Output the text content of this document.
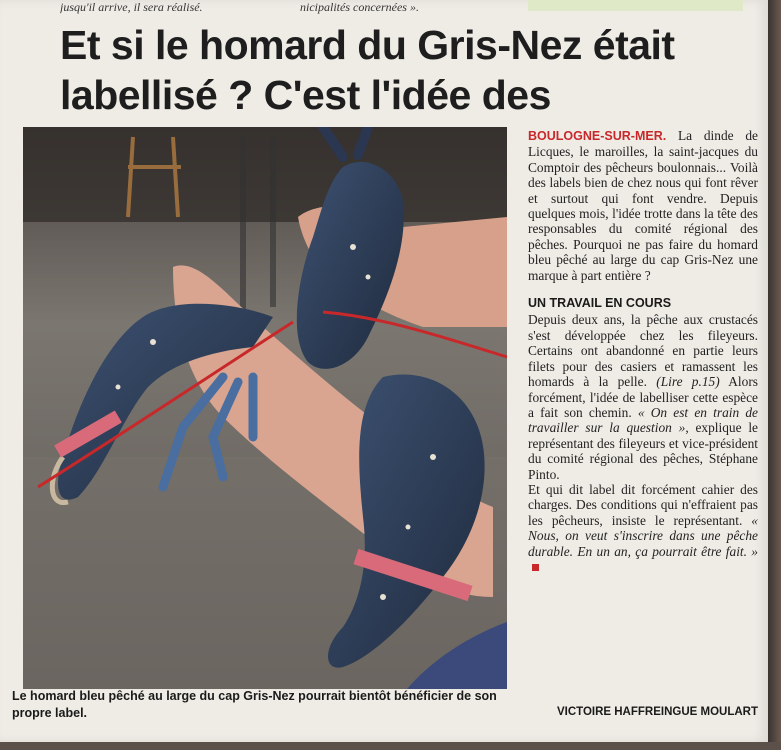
jusqu'il arrive, il sera réalisé.	nicipalités concernées ».
Et si le homard du Gris-Nez était
labellisé ? C'est l'idée des

Le homard bleu pêché au large du cap Gris-Nez pourrait bientôt bénéficier de son propre label.

BOULOGNE-SUR-MER. La dinde de Licques, le maroilles, la saint-jacques du Comptoir des pêcheurs boulonnais... Voilà des labels bien de chez nous qui font rêver et surtout qui font vendre. Depuis quelques mois, l'idée trotte dans la tête des responsables du comité régional des pêches. Pourquoi ne pas faire du homard bleu pêché au large du cap Gris-Nez une marque à part entière ?

UN TRAVAIL EN COURS

Depuis deux ans, la pêche aux crustacés s'est développée chez les fileyeurs. Certains ont abandonné en partie leurs filets pour des casiers et ramassent les homards à la pelle. (Lire p.15) Alors forcément, l'idée de labelliser cette espèce a fait son chemin. « On est en train de travailler sur la question », explique le représentant des fileyeurs et vice-président du comité régional des pêches, Stéphane Pinto.

Et qui dit label dit forcément cahier des charges. Des conditions qui n'effraient pas les pêcheurs, insiste le représentant. « Nous, on veut s'inscrire dans une pêche durable. En un an, ça pourrait être fait. »

VICTOIRE HAFFREINGUE MOULART
